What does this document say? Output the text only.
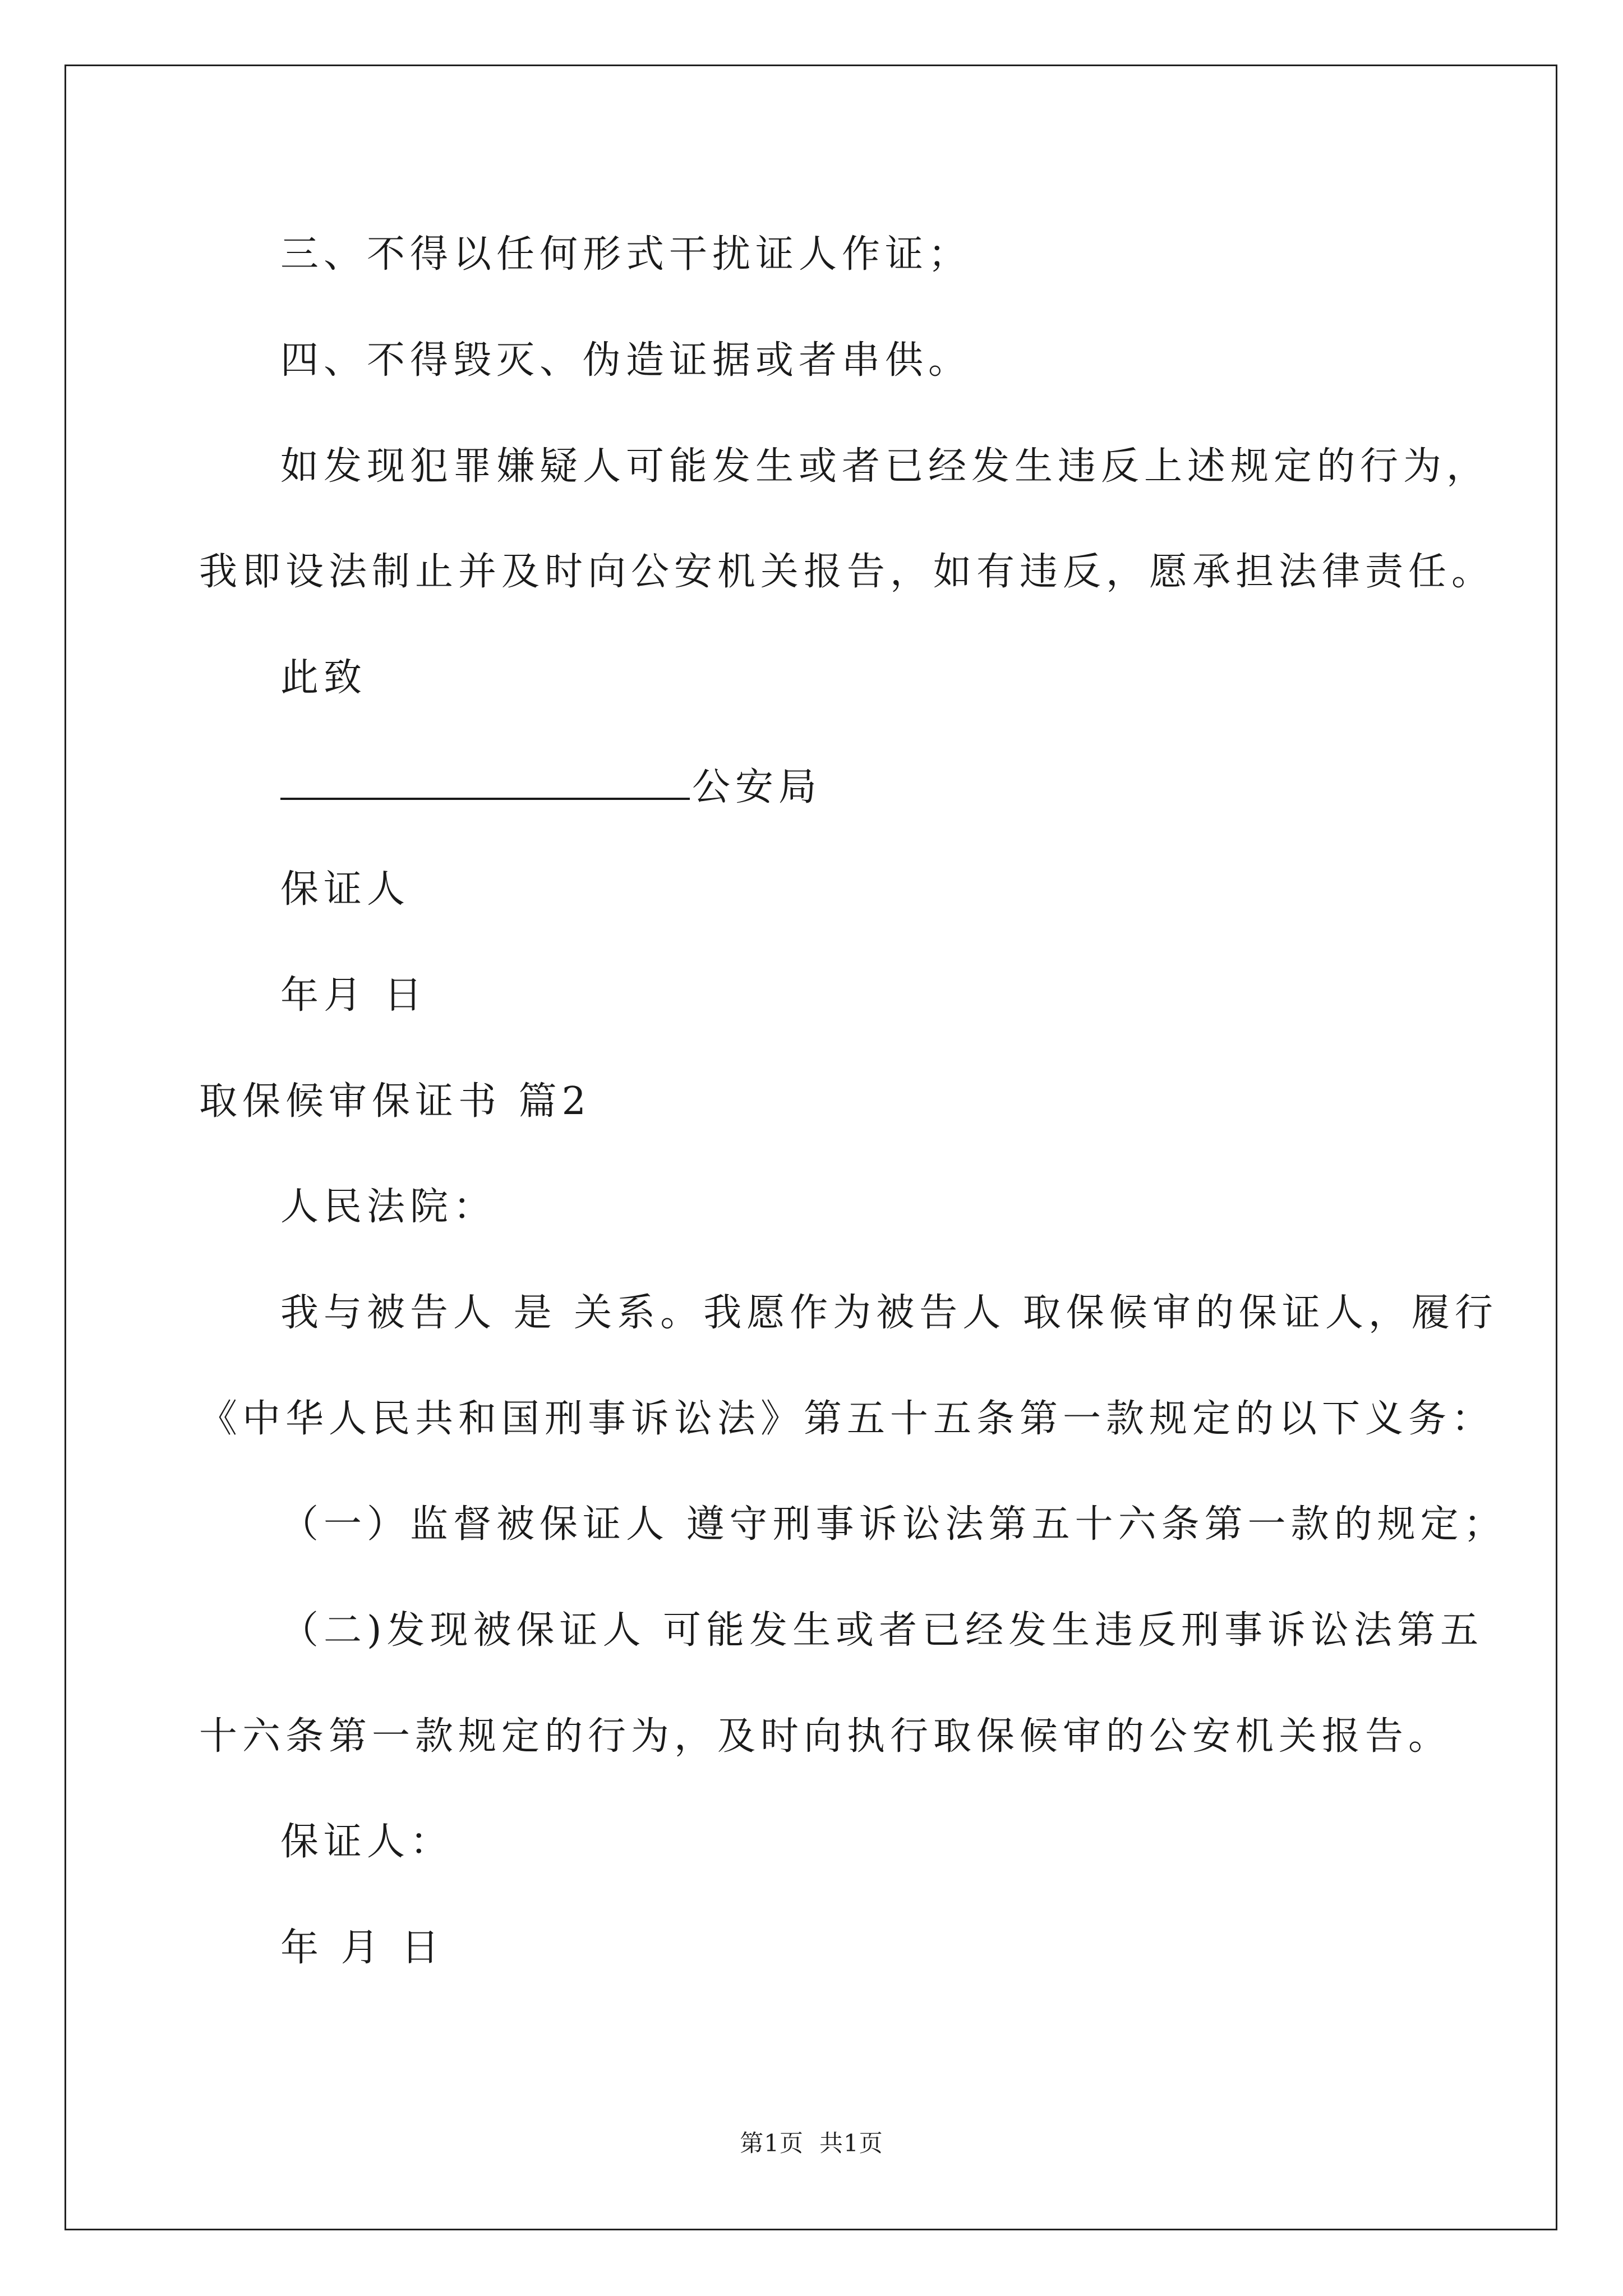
三、不得以任何形式干扰证人作证；
四、不得毁灭、伪造证据或者串供。
如发现犯罪嫌疑人可能发生或者已经发生违反上述规定的行为，
我即设法制止并及时向公安机关报告，如有违反，愿承担法律责任。
此致
公安局
保证人
年月 日
取保候审保证书 篇2
人民法院：
我与被告人 是 关系。我愿作为被告人 取保候审的保证人，履行
《中华人民共和国刑事诉讼法》第五十五条第一款规定的以下义务：
（一）监督被保证人 遵守刑事诉讼法第五十六条第一款的规定；
（二)发现被保证人 可能发生或者已经发生违反刑事诉讼法第五
十六条第一款规定的行为，及时向执行取保候审的公安机关报告。
保证人：
年 月 日
第1页 共1页
